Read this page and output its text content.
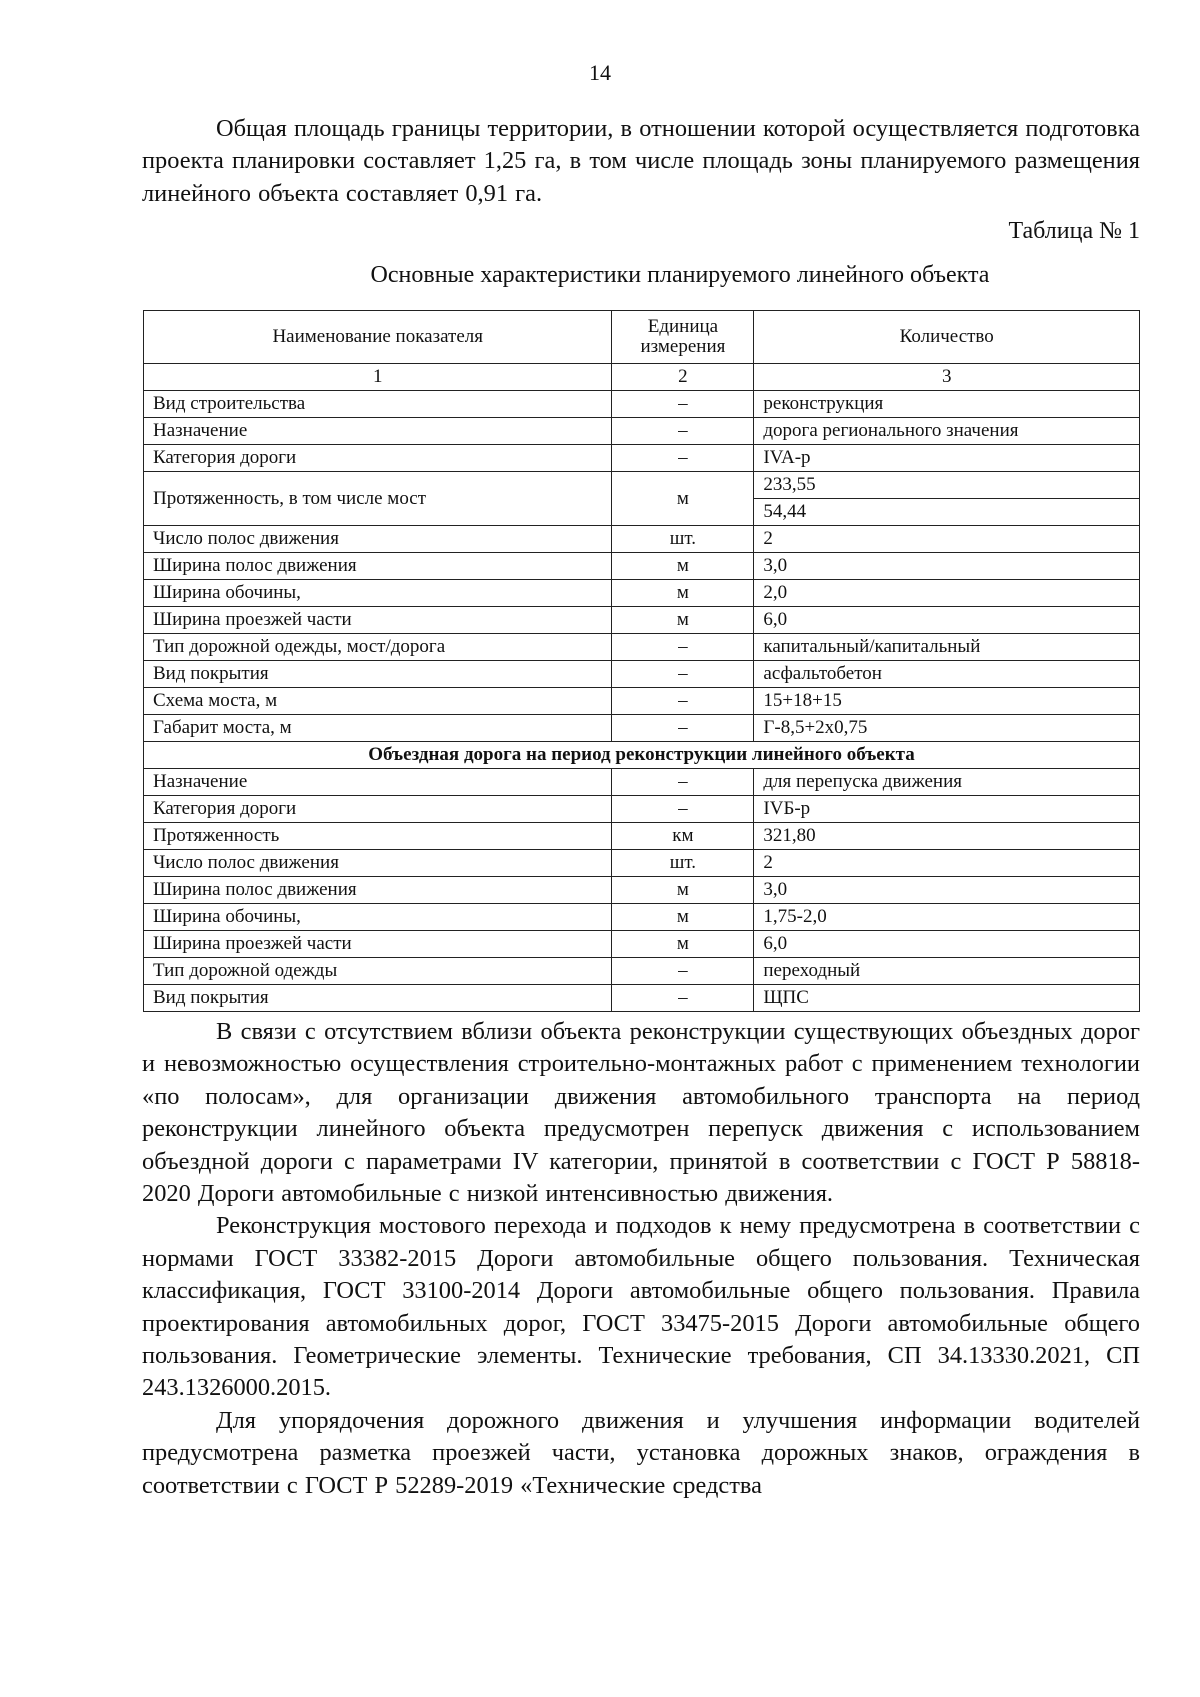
14

Общая площадь границы территории, в отношении которой осуществляется подготовка проекта планировки составляет 1,25 га, в том числе площадь зоны планируемого размещения линейного объекта составляет 0,91 га.

Таблица № 1
Основные характеристики планируемого линейного объекта
Наименование показателя	Единица измерения	Количество
1	2	3
Вид строительства	–	реконструкция
Назначение	–	дорога регионального значения
Категория дороги	–	IVA-р
Протяженность, в том числе мост	м	233,55
		54,44
Число полос движения	шт.	2
Ширина полос движения	м	3,0
Ширина обочины,	м	2,0
Ширина проезжей части	м	6,0
Тип дорожной одежды, мост/дорога	–	капитальный/капитальный
Вид покрытия	–	асфальтобетон
Схема моста, м	–	15+18+15
Габарит моста, м	–	Г-8,5+2х0,75
Объездная дорога на период реконструкции линейного объекта		
Назначение	–	для перепуска движения
Категория дороги	–	IVБ-р
Протяженность	км	321,80
Число полос движения	шт.	2
Ширина полос движения	м	3,0
Ширина обочины,	м	1,75-2,0
Ширина проезжей части	м	6,0
Тип дорожной одежды	–	переходный
Вид покрытия	–	ЩПС

В связи с отсутствием вблизи объекта реконструкции существующих объездных дорог и невозможностью осуществления строительно-монтажных работ с применением технологии «по полосам», для организации движения автомобильного транспорта на период реконструкции линейного объекта предусмотрен перепуск движения с использованием объездной дороги с параметрами IV категории, принятой в соответствии с ГОСТ Р 58818-2020 Дороги автомобильные с низкой интенсивностью движения.

Реконструкция мостового перехода и подходов к нему предусмотрена в соответствии с нормами ГОСТ 33382-2015 Дороги автомобильные общего пользования. Техническая классификация, ГОСТ 33100-2014 Дороги автомобильные общего пользования. Правила проектирования автомобильных дорог, ГОСТ 33475-2015 Дороги автомобильные общего пользования. Геометрические элементы. Технические требования, СП 34.13330.2021, СП 243.1326000.2015.

Для упорядочения дорожного движения и улучшения информации водителей предусмотрена разметка проезжей части, установка дорожных знаков, ограждения в соответствии с ГОСТ Р 52289-2019 «Технические средства
